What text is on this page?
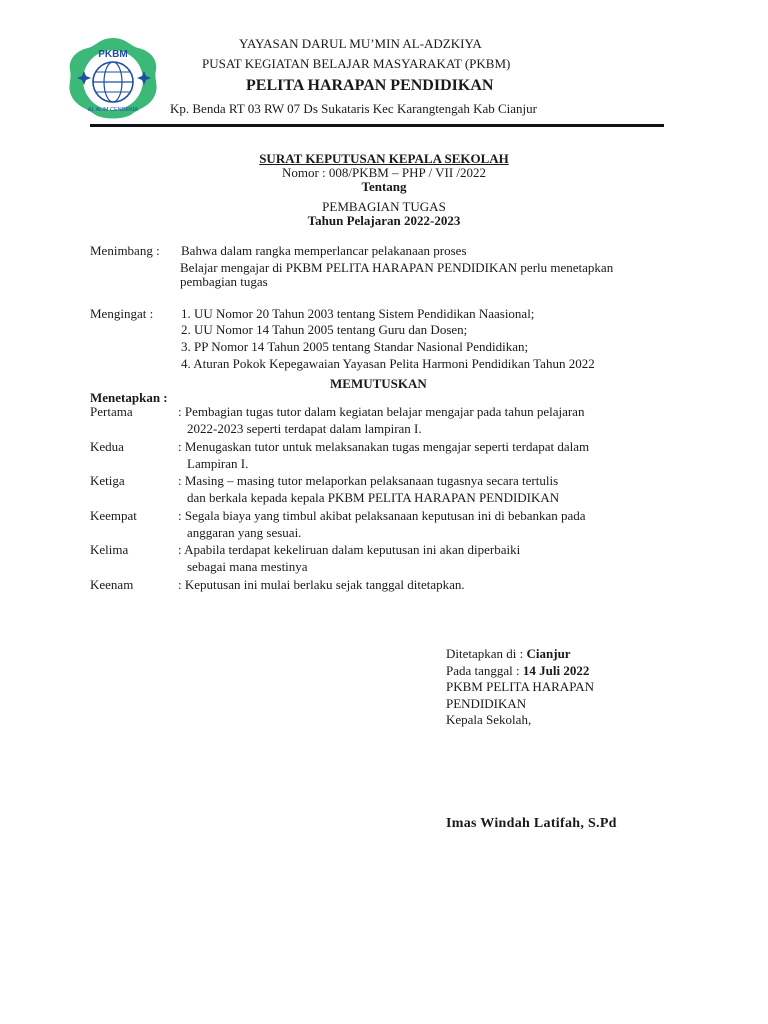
PKBM
AL ALIM CENDEKIA
YAYASAN DARUL MU’MIN AL-ADZKIYA
PUSAT KEGIATAN BELAJAR MASYARAKAT (PKBM)
PELITA HARAPAN PENDIDIKAN
Kp. Benda RT 03 RW 07 Ds Sukataris Kec Karangtengah Kab Cianjur
SURAT KEPUTUSAN KEPALA SEKOLAH
Nomor : 008/PKBM – PHP / VII /2022
Tentang
PEMBAGIAN TUGAS
Tahun Pelajaran 2022-2023
Menimbang : Bahwa dalam rangka memperlancar pelakanaan proses
Belajar mengajar di PKBM PELITA HARAPAN PENDIDIKAN perlu menetapkan
pembagian tugas
Mengingat : 1. UU Nomor 20 Tahun 2003 tentang Sistem Pendidikan Naasional;
2. UU Nomor 14 Tahun 2005 tentang Guru dan Dosen;
3. PP Nomor 14 Tahun 2005 tentang Standar Nasional Pendidikan;
4. Aturan Pokok Kepegawaian Yayasan Pelita Harmoni Pendidikan Tahun 2022
MEMUTUSKAN
Menetapkan :
Pertama	: Pembagian tugas tutor dalam kegiatan belajar mengajar pada tahun pelajaran
2022-2023 seperti terdapat dalam lampiran I.
Kedua	: Menugaskan tutor untuk melaksanakan tugas mengajar seperti terdapat dalam
Lampiran I.
Ketiga	: Masing – masing tutor melaporkan pelaksanaan tugasnya secara tertulis
dan berkala kepada kepala PKBM PELITA HARAPAN PENDIDIKAN
Keempat	: Segala biaya yang timbul akibat pelaksanaan keputusan ini di bebankan pada
anggaran yang sesuai.
Kelima	: Apabila terdapat kekeliruan dalam keputusan ini akan diperbaiki
sebagai mana mestinya
Keenam	: Keputusan ini mulai berlaku sejak tanggal ditetapkan.
Ditetapkan di : Cianjur
Pada tanggal : 14 Juli 2022
PKBM PELITA HARAPAN
PENDIDIKAN
Kepala Sekolah,
Imas Windah Latifah, S.Pd
